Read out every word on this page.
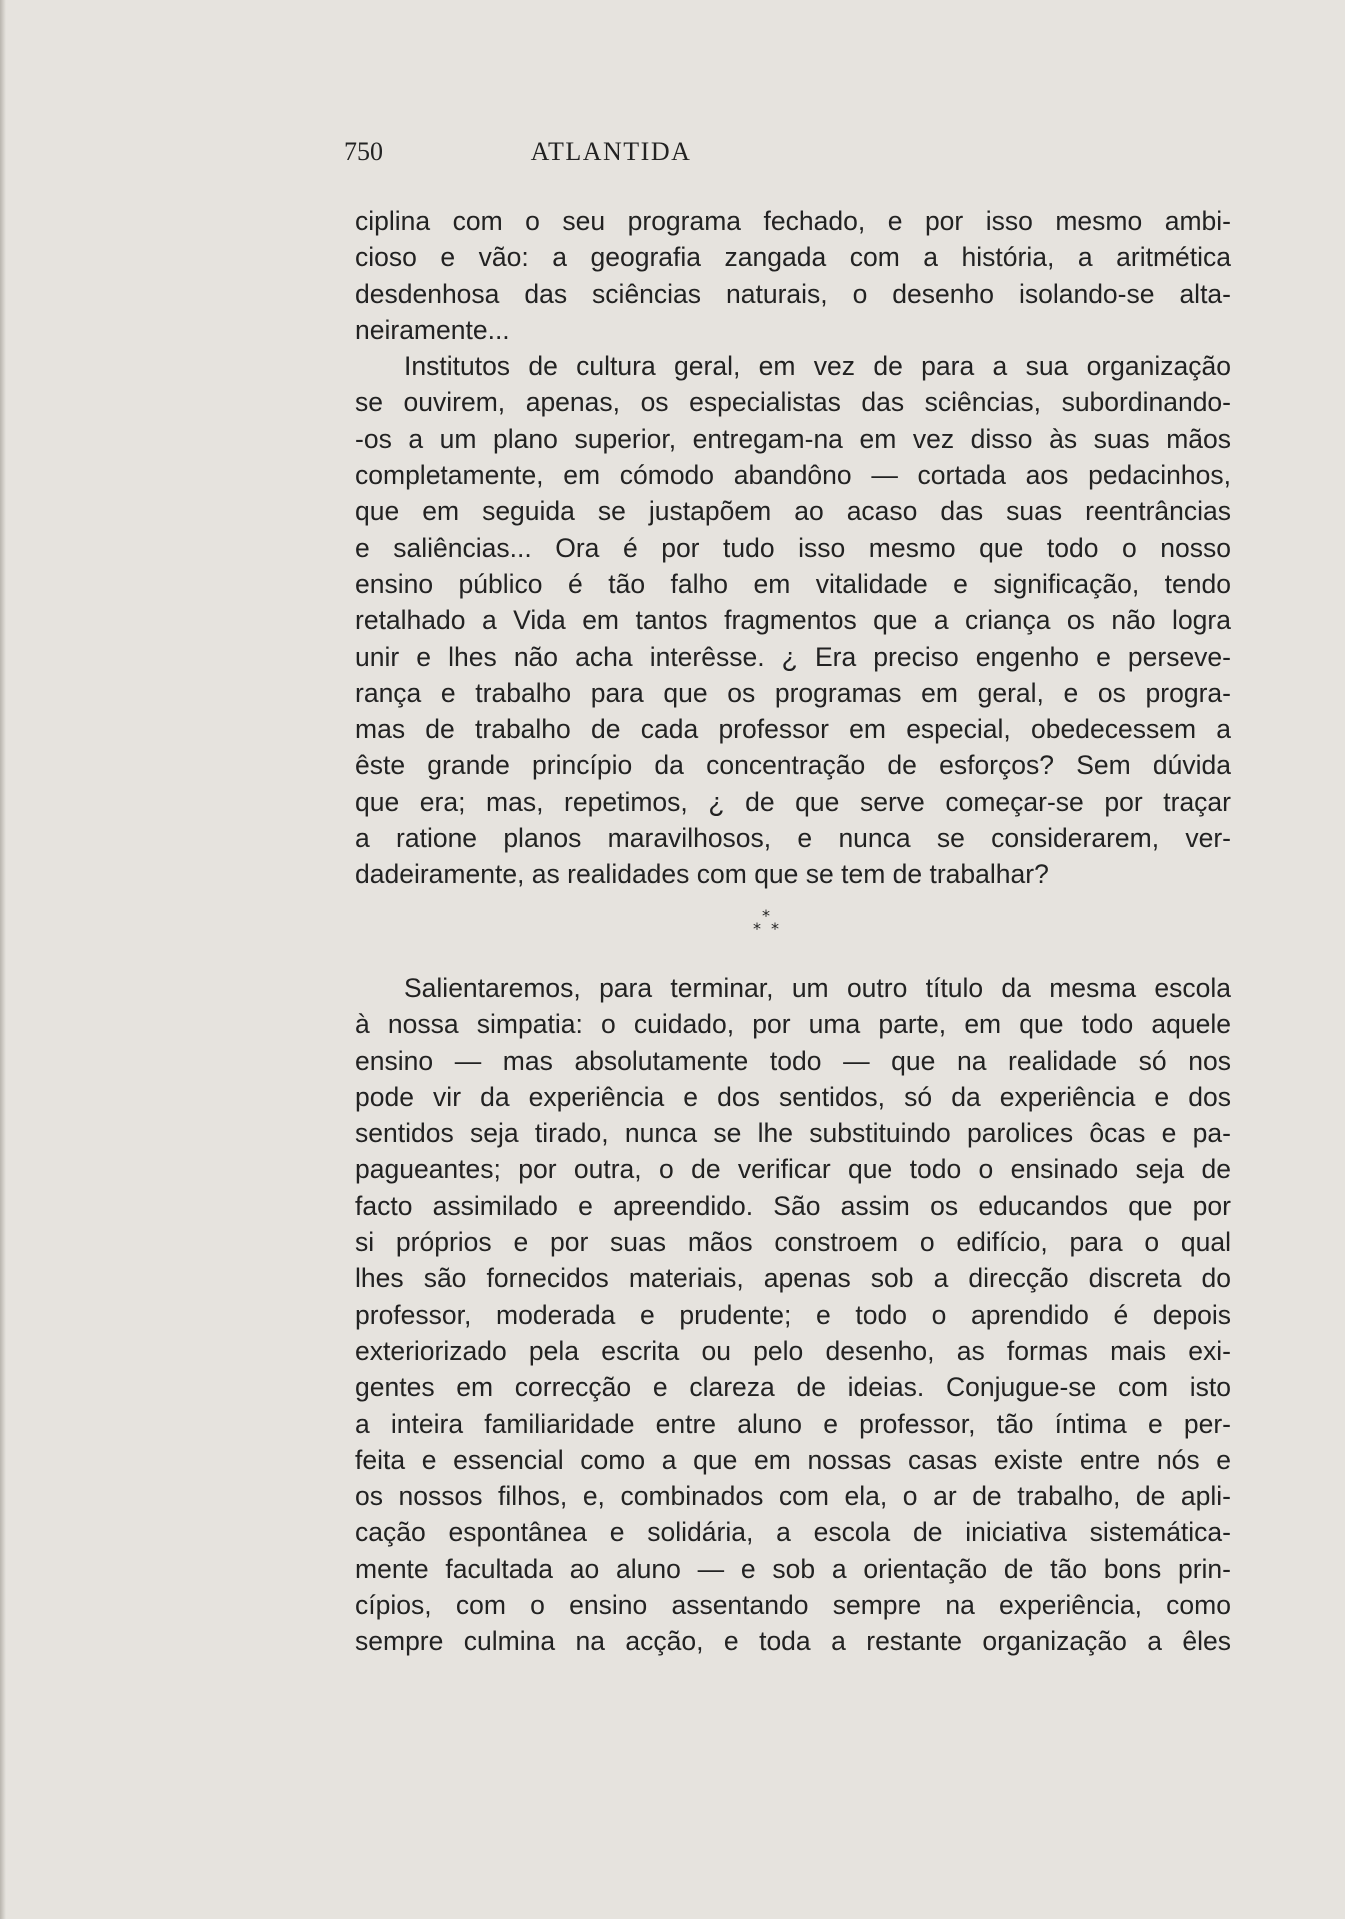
750	ATLANTIDA

ciplina com o seu programa fechado, e por isso mesmo ambi-
cioso e vão: a geografia zangada com a história, a aritmética
desdenhosa das sciências naturais, o desenho isolando-se alta-
neiramente...

Institutos de cultura geral, em vez de para a sua organização
se ouvirem, apenas, os especialistas das sciências, subordinando-
-os a um plano superior, entregam-na em vez disso às suas mãos
completamente, em cómodo abandôno — cortada aos pedacinhos,
que em seguida se justapõem ao acaso das suas reentrâncias
e saliências... Ora é por tudo isso mesmo que todo o nosso
ensino público é tão falho em vitalidade e significação, tendo
retalhado a Vida em tantos fragmentos que a criança os não logra
unir e lhes não acha interêsse. ¿ Era preciso engenho e perseve-
rança e trabalho para que os programas em geral, e os progra-
mas de trabalho de cada professor em especial, obedecessem a
êste grande princípio da concentração de esforços? Sem dúvida
que era; mas, repetimos, ¿ de que serve começar-se por traçar
a ratione planos maravilhosos, e nunca se considerarem, ver-
dadeiramente, as realidades com que se tem de trabalhar?

*
* *

Salientaremos, para terminar, um outro título da mesma escola
à nossa simpatia: o cuidado, por uma parte, em que todo aquele
ensino — mas absolutamente todo — que na realidade só nos
pode vir da experiência e dos sentidos, só da experiência e dos
sentidos seja tirado, nunca se lhe substituindo parolices ôcas e pa-
pagueantes; por outra, o de verificar que todo o ensinado seja de
facto assimilado e apreendido. São assim os educandos que por
si próprios e por suas mãos constroem o edifício, para o qual
lhes são fornecidos materiais, apenas sob a direcção discreta do
professor, moderada e prudente; e todo o aprendido é depois
exteriorizado pela escrita ou pelo desenho, as formas mais exi-
gentes em correcção e clareza de ideias. Conjugue-se com isto
a inteira familiaridade entre aluno e professor, tão íntima e per-
feita e essencial como a que em nossas casas existe entre nós e
os nossos filhos, e, combinados com ela, o ar de trabalho, de apli-
cação espontânea e solidária, a escola de iniciativa sistemática-
mente facultada ao aluno — e sob a orientação de tão bons prin-
cípios, com o ensino assentando sempre na experiência, como
sempre culmina na acção, e toda a restante organização a êles
